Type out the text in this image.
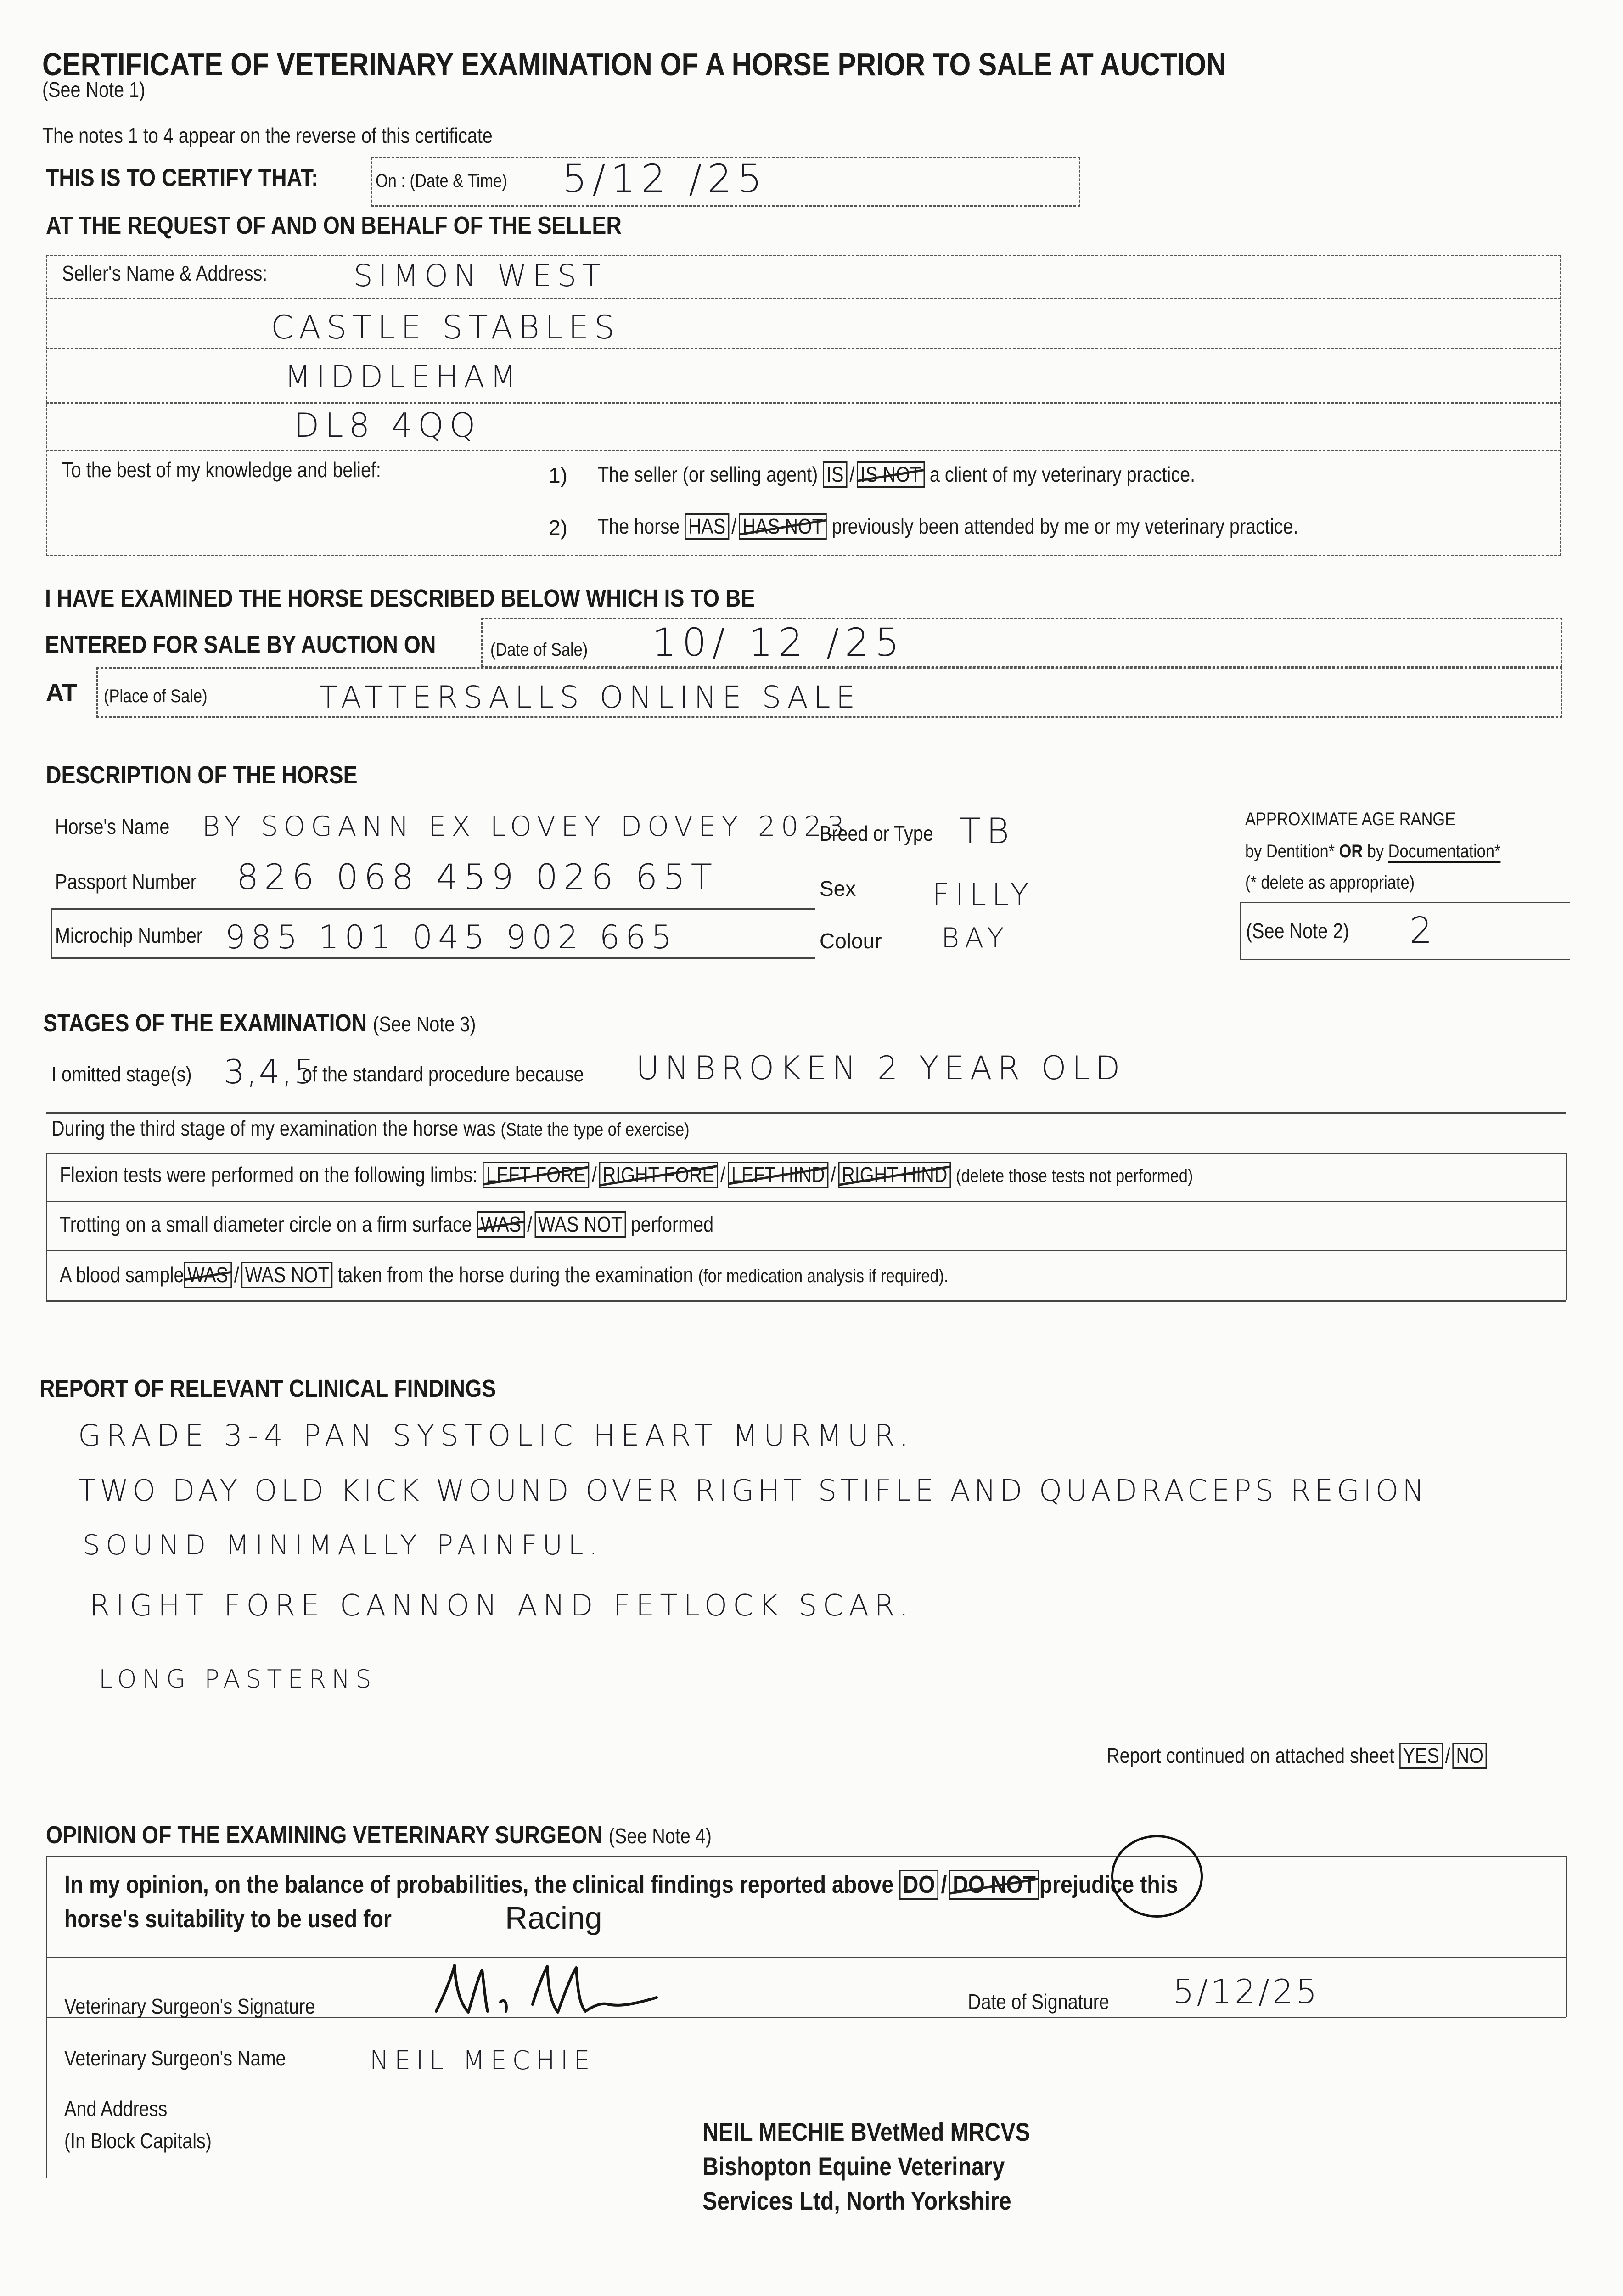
CERTIFICATE OF VETERINARY EXAMINATION OF A HORSE PRIOR TO SALE AT AUCTION
(See Note 1)
The notes 1 to 4 appear on the reverse of this certificate
THIS IS TO CERTIFY THAT:	On : (Date & Time)	5/12 /25
AT THE REQUEST OF AND ON BEHALF OF THE SELLER
Seller's Name & Address:	SIMON WEST
CASTLE STABLES
MIDDLEHAM
DL8 4QQ
To the best of my knowledge and belief:	1) The seller (or selling agent) IS / IS NOT a client of my veterinary practice.
2) The horse HAS / HAS NOT previously been attended by me or my veterinary practice.
I HAVE EXAMINED THE HORSE DESCRIBED BELOW WHICH IS TO BE
ENTERED FOR SALE BY AUCTION ON	(Date of Sale)	10/ 12 /25
AT (Place of Sale)	TATTERSALLS ONLINE SALE
DESCRIPTION OF THE HORSE
Horse's Name	BY SOGANN EX LOVEY DOVEY 2023
Passport Number	826 068 459 026 65T
Microchip Number 985 101 045 902 665
Breed or Type TB
Sex	FILLY
Colour BAY
APPROXIMATE AGE RANGE
by Dentition* OR by Documentation*
(* delete as appropriate)
(See Note 2)	2
STAGES OF THE EXAMINATION (See Note 3)
I omitted stage(s) 3,4,5
of the standard procedure because	UNBROKEN 2 YEAR OLD
During the third stage of my examination the horse was (State the type of exercise)
Flexion tests were performed on the following limbs: LEFT FORE / RIGHT FORE / LEFT HIND / RIGHT HIND (delete those tests not performed)
Trotting on a small diameter circle on a firm surface WAS / WAS NOT performed
A blood sample WAS / WAS NOT taken from the horse during the examination (for medication analysis if required).
REPORT OF RELEVANT CLINICAL FINDINGS
GRADE 3-4 PAN SYSTOLIC HEART MURMUR.
TWO DAY OLD KICK WOUND OVER RIGHT STIFLE AND QUADRACEPS REGION
SOUND MINIMALLY PAINFUL.
RIGHT FORE CANNON AND FETLOCK SCAR.
LONG PASTERNS
Report continued on attached sheet YES / NO
OPINION OF THE EXAMINING VETERINARY SURGEON (See Note 4)
In my opinion, on the balance of probabilities, the clinical findings reported above DO / DO NOT prejudice this
horse's suitability to be used for	Racing
Veterinary Surgeon's Signature	Date of Signature	5/12/25
Veterinary Surgeon's Name	NEIL MECHIE
And Address
(In Block Capitals)	NEIL MECHIE BVetMed MRCVS
Bishopton Equine Veterinary
Services Ltd, North Yorkshire
